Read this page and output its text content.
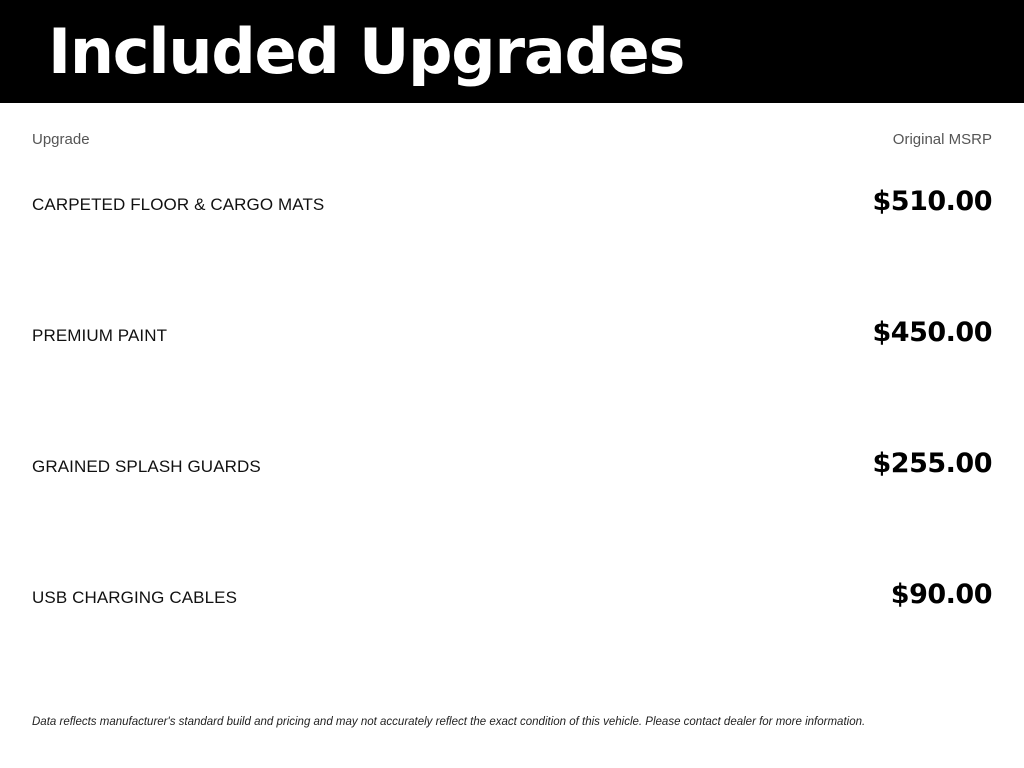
Included Upgrades
Upgrade	Original MSRP
CARPETED FLOOR & CARGO MATS	$510.00
PREMIUM PAINT	$450.00
GRAINED SPLASH GUARDS	$255.00
USB CHARGING CABLES	$90.00
Data reflects manufacturer's standard build and pricing and may not accurately reflect the exact condition of this vehicle. Please contact dealer for more information.
